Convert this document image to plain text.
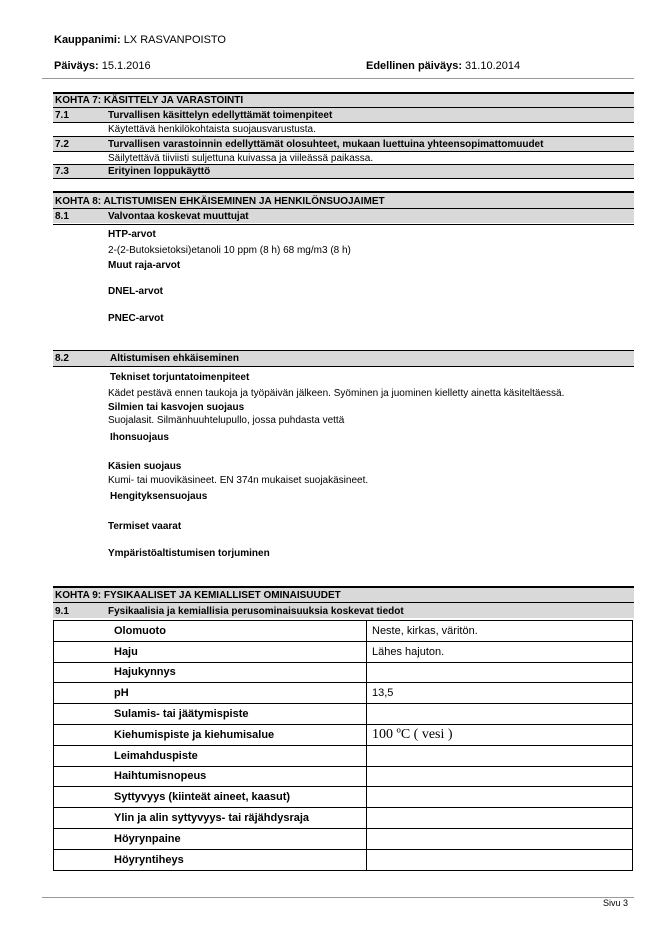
Kauppanimi: LX RASVANPOISTO
Päiväys: 15.1.2016	Edellinen päiväys: 31.10.2014
KOHTA 7: KÄSITTELY JA VARASTOINTI
7.1	Turvallisen käsittelyn edellyttämät toimenpiteet
Käytettävä henkilökohtaista suojausvarustusta.
7.2	Turvallisen varastoinnin edellyttämät olosuhteet, mukaan luettuina yhteensopimattomuudet
Säilytettävä tiiviisti suljettuna kuivassa ja viileässä paikassa.
7.3	Erityinen loppukäyttö
KOHTA 8: ALTISTUMISEN EHKÄISEMINEN JA HENKILÖNSUOJAIMET
8.1	Valvontaa koskevat muuttujat
HTP-arvot
2-(2-Butoksietoksi)etanoli 10 ppm (8 h) 68 mg/m3 (8 h)
Muut raja-arvot
DNEL-arvot
PNEC-arvot
8.2	Altistumisen ehkäiseminen
Tekniset torjuntatoimenpiteet
Kädet pestävä ennen taukoja ja työpäivän jälkeen. Syöminen ja juominen kielletty ainetta käsiteltäessä.
Silmien tai kasvojen suojaus
Suojalasit. Silmänhuuhtelupullo, jossa puhdasta vettä
Ihonsuojaus
Käsien suojaus
Kumi- tai muovikäsineet. EN 374n mukaiset suojakäsineet.
Hengityksensuojaus
Termiset vaarat
Ympäristöaltistumisen torjuminen
KOHTA 9: FYSIKAALISET JA KEMIALLISET OMINAISUUDET
9.1	Fysikaalisia ja kemiallisia perusominaisuuksia koskevat tiedot
Olomuoto	Neste, kirkas, väritön.
Haju	Lähes hajuton.
Hajukynnys	
pH	13,5
Sulamis- tai jäätymispiste	
Kiehumispiste ja kiehumisalue	100 ºC ( vesi )
Leimahduspiste	
Haihtumisnopeus	
Syttyvyys (kiinteät aineet, kaasut)	
Ylin ja alin syttyvyys- tai räjähdysraja	
Höyrynpaine	
Höyryntiheys	
Sivu 3
